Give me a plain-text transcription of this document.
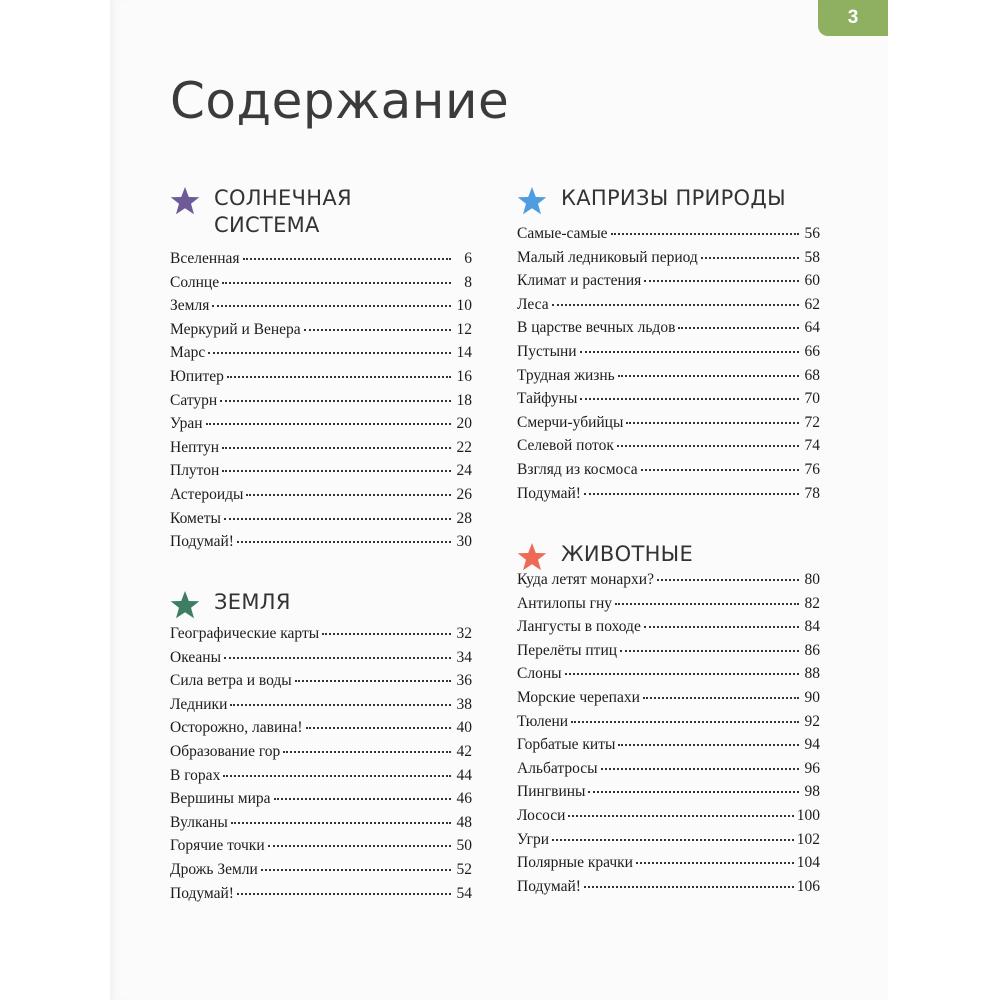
3
Содержание
СОЛНЕЧНАЯ СИСТЕМА
Вселенная	6
Солнце	8
Земля	10
Меркурий и Венера	12
Марс	14
Юпитер	16
Сатурн	18
Уран	20
Нептун	22
Плутон	24
Астероиды	26
Кометы	28
Подумай!	30
ЗЕМЛЯ
Географические карты	32
Океаны	34
Сила ветра и воды	36
Ледники	38
Осторожно, лавина!	40
Образование гор	42
В горах	44
Вершины мира	46
Вулканы	48
Горячие точки	50
Дрожь Земли	52
Подумай!	54
КАПРИЗЫ ПРИРОДЫ
Самые-самые	56
Малый ледниковый период	58
Климат и растения	60
Леса	62
В царстве вечных льдов	64
Пустыни	66
Трудная жизнь	68
Тайфуны	70
Смерчи-убийцы	72
Селевой поток	74
Взгляд из космоса	76
Подумай!	78
ЖИВОТНЫЕ
Куда летят монархи?	80
Антилопы гну	82
Лангусты в походе	84
Перелёты птиц	86
Слоны	88
Морские черепахи	90
Тюлени	92
Горбатые киты	94
Альбатросы	96
Пингвины	98
Лососи	100
Угри	102
Полярные крачки	104
Подумай!	106
